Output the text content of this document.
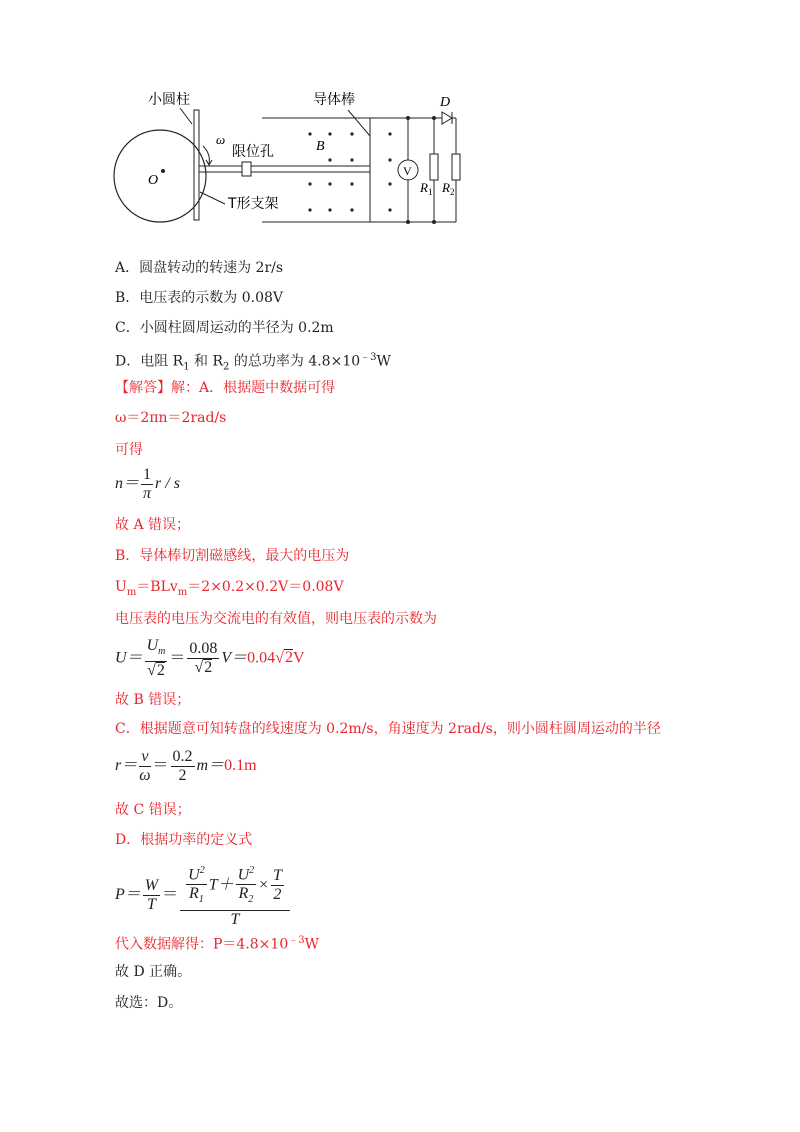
O
小圆柱
限位孔
ω
T形支架
导体棒
B
V
$R_1$
D
$R_2$
A．圆盘转动的转速为 2r/s
B．电压表的示数为 0.08V
C．小圆柱圆周运动的半径为 0.2m
D．电阻 $R_1$ 和 $R_2$ 的总功率为 $4.8\times 10^{﹣3}W$
【解答】解：A．根据题中数据可得
ω＝2πn＝2rad/s
可得
$n= \frac{1}{\pi}$ r / s
故 A 错误；
B．导体棒切割磁感线，最大的电压为
$U_m=BLv_m=2\times 0.2\times 0.2V=0.08V$
电压表的电压为交流电的有效值，则电压表的示数为
$U= \frac{U_m}{√2} = \frac{0.08}{√2} V=0.04√2V$
故 B 错误；
C．根据题意可知转盘的线速度为 0.2m/s，角速度为 2rad/s，则小圆柱圆周运动的半径
$r= \frac{v}{\omega} = \frac{0.2}{2} m=0.1m$
故 C 错误；
D．根据功率的定义式
$P= \frac{W}{T} = \frac{\frac{U^2}{R_1} T+ \frac{U^2}{R_2} \times \frac{T}{2}}{T}$
代入数据解得：$P=4.8\times 10^{﹣3}W$
故 D 正确。
故选：D。
